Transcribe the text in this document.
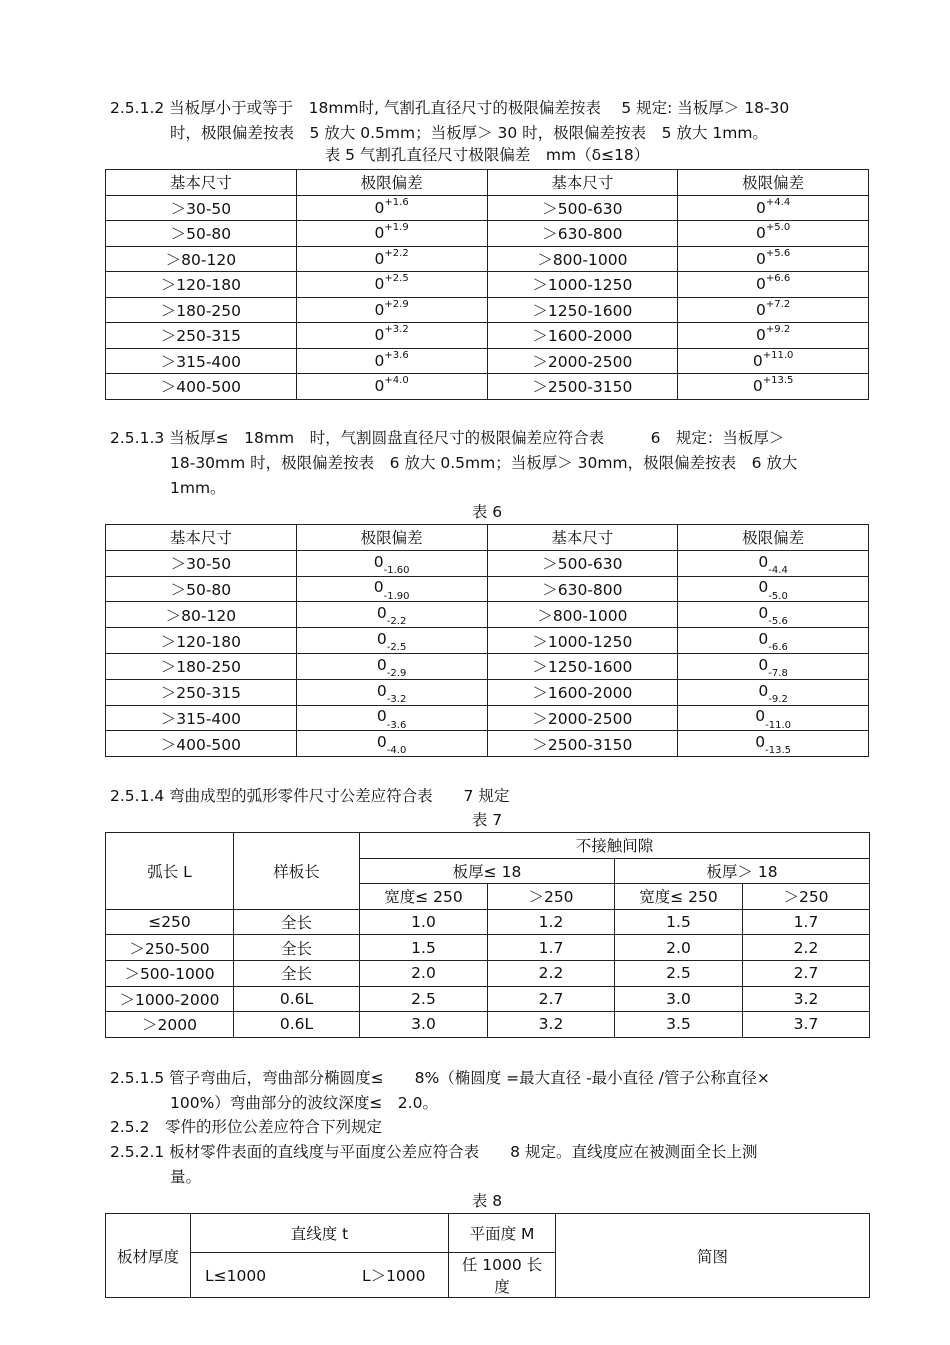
2.5.1.2 当板厚小于或等于　18mm时, 气割孔直径尺寸的极限偏差按表　 5 规定: 当板厚＞ 18-30
时，极限偏差按表　5 放大 0.5mm；当板厚＞ 30 时，极限偏差按表　5 放大 1mm。
表 5 气割孔直径尺寸极限偏差　mm（δ≤18）
基本尺寸	极限偏差	基本尺寸	极限偏差
＞30-50	$0^{+1.6}$	＞500-630	$0^{+4.4}$
＞50-80	$0^{+1.9}$	＞630-800	$0^{+5.0}$
＞80-120	$0^{+2.2}$	＞800-1000	$0^{+5.6}$
＞120-180	$0^{+2.5}$	＞1000-1250	$0^{+6.6}$
＞180-250	$0^{+2.9}$	＞1250-1600	$0^{+7.2}$
＞250-315	$0^{+3.2}$	＞1600-2000	$0^{+9.2}$
＞315-400	$0^{+3.6}$	＞2000-2500	$0^{+11.0}$
＞400-500	$0^{+4.0}$	＞2500-3150	$0^{+13.5}$
2.5.1.3 当板厚≤　18mm　时，气割圆盘直径尺寸的极限偏差应符合表　　　6　规定：当板厚＞
18-30mm 时，极限偏差按表　6 放大 0.5mm；当板厚＞ 30mm，极限偏差按表　6 放大
1mm。
表 6
基本尺寸	极限偏差	基本尺寸	极限偏差
＞30-50	$0_{-1.60}$	＞500-630	$0_{-4.4}$
＞50-80	$0_{-1.90}$	＞630-800	$0_{-5.0}$
＞80-120	$0_{-2.2}$	＞800-1000	$0_{-5.6}$
＞120-180	$0_{-2.5}$	＞1000-1250	$0_{-6.6}$
＞180-250	$0_{-2.9}$	＞1250-1600	$0_{-7.8}$
＞250-315	$0_{-3.2}$	＞1600-2000	$0_{-9.2}$
＞315-400	$0_{-3.6}$	＞2000-2500	$0_{-11.0}$
＞400-500	$0_{-4.0}$	＞2500-3150	$0_{-13.5}$
2.5.1.4 弯曲成型的弧形零件尺寸公差应符合表　　7 规定
表 7
弧长 L	样板长	不接触间隙			
		板厚≤ 18		板厚＞ 18	
		宽度≤ 250	＞250	宽度≤ 250	＞250
≤250	全长	1.0	1.2	1.5	1.7
＞250-500	全长	1.5	1.7	2.0	2.2
＞500-1000	全长	2.0	2.2	2.5	2.7
＞1000-2000	0.6L	2.5	2.7	3.0	3.2
＞2000	0.6L	3.0	3.2	3.5	3.7
2.5.1.5 管子弯曲后，弯曲部分椭圆度≤　　8%（椭圆度 =最大直径 -最小直径 /管子公称直径×
100%）弯曲部分的波纹深度≤　2.0。
2.5.2　零件的形位公差应符合下列规定
2.5.2.1 板材零件表面的直线度与平面度公差应符合表　　8 规定。直线度应在被测面全长上测
量。
表 8
板材厚度	直线度 t	平面度 M	简图
	L≤1000 L＞1000	任 1000 长度	
